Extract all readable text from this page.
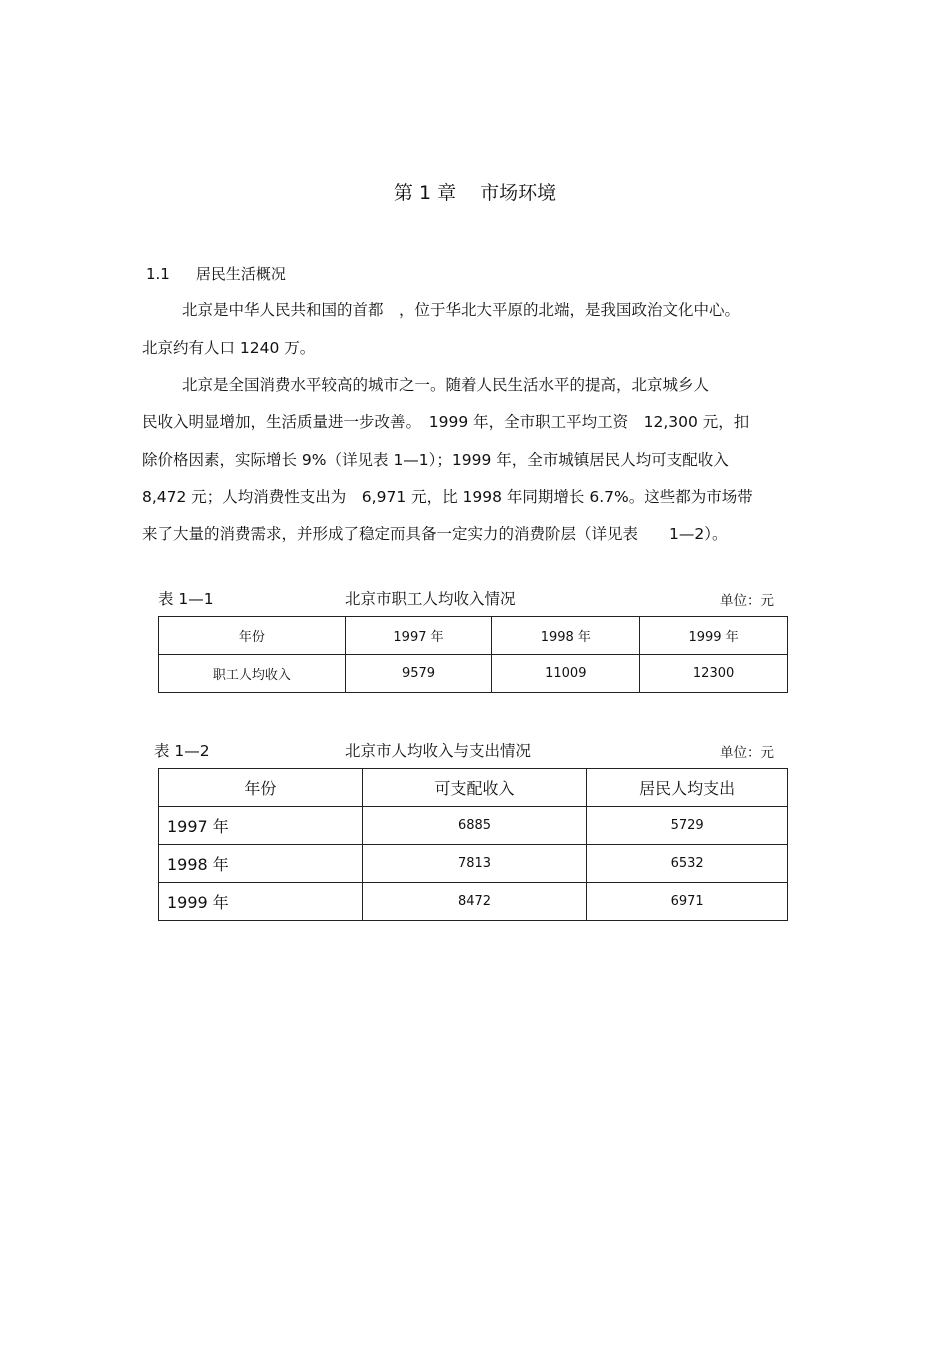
第 1 章 市场环境
1.1 居民生活概况
北京是中华人民共和国的首都　，位于华北大平原的北端，是我国政治文化中心。
北京约有人口 1240 万。
北京是全国消费水平较高的城市之一。随着人民生活水平的提高，北京城乡人
民收入明显增加，生活质量进一步改善。　1999 年，全市职工平均工资　12,300 元，扣
除价格因素，实际增长 9%（详见表 1—1）；1999 年，全市城镇居民人均可支配收入
8,472 元；人均消费性支出为　6,971 元，比 1998 年同期增长 6.7%。这些都为市场带
来了大量的消费需求，并形成了稳定而具备一定实力的消费阶层（详见表　　1—2）。
表 1—1	北京市职工人均收入情况	单位：元
年份	1997 年	1998 年	1999 年
职工人均收入	9579	11009	12300
表 1—2	北京市人均收入与支出情况	单位：元
年份	可支配收入	居民人均支出
1997 年	6885	5729
1998 年	7813	6532
1999 年	8472	6971
